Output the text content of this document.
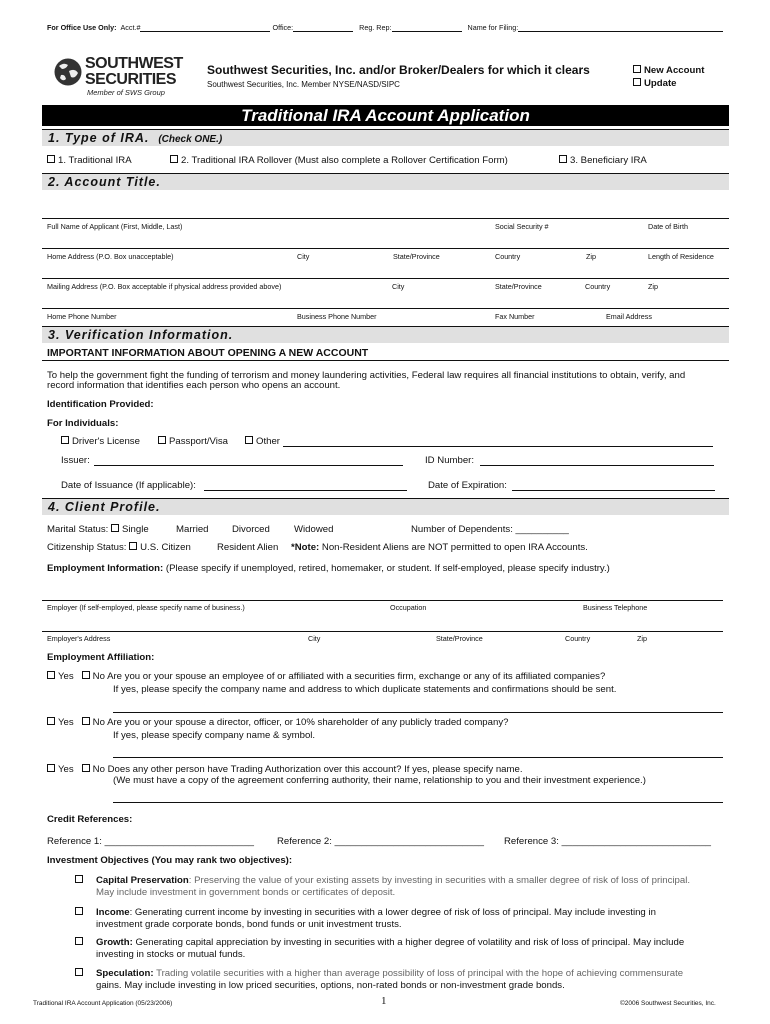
For Office Use Only: Acct.#	Office:	Reg. Rep:	Name for Filing:
SOUTHWEST
SECURITIES
Member of SWS Group
Southwest Securities, Inc. and/or Broker/Dealers for which it clears
Southwest Securities, Inc. Member NYSE/NASD/SIPC
New Account
Update
Traditional IRA Account Application
1. Type of IRA. (Check ONE.)
1. Traditional IRA	2. Traditional IRA Rollover (Must also complete a Rollover Certification Form)	3. Beneficiary IRA
2. Account Title.
Full Name of Applicant (First, Middle, Last)	Social Security #	Date of Birth
Home Address (P.O. Box unacceptable)	City	State/Province	Country	Zip	Length of Residence
Mailing Address (P.O. Box acceptable if physical address provided above)	City	State/Province	Country	Zip
Home Phone Number	Business Phone Number	Fax Number	Email Address
3. Verification Information.
IMPORTANT INFORMATION ABOUT OPENING A NEW ACCOUNT
To help the government fight the funding of terrorism and money laundering activities, Federal law requires all financial institutions to obtain, verify, and
record information that identifies each person who opens an account.
Identification Provided:
For Individuals:
Driver's License	Passport/Visa	Other
Issuer:	ID Number:
Date of Issuance (If applicable):	Date of Expiration:
4. Client Profile.
Marital Status: Single	Married Divorced	Widowed	Number of Dependents: __________
Citizenship Status: U.S. Citizen	Resident Alien *Note: Non-Resident Aliens are NOT permitted to open IRA Accounts.
Employment Information: (Please specify if unemployed, retired, homemaker, or student. If self-employed, please specify industry.)
Employer (If self-employed, please specify name of business.)	Occupation	Business Telephone
Employer's Address	City	State/Province	Country	Zip
Employment Affiliation:
Yes No Are you or your spouse an employee of or affiliated with a securities firm, exchange or any of its affiliated companies?
If yes, please specify the company name and address to which duplicate statements and confirmations should be sent.
Yes No Are you or your spouse a director, officer, or 10% shareholder of any publicly traded company?
If yes, please specify company name & symbol.
Yes No Does any other person have Trading Authorization over this account? If yes, please specify name.
(We must have a copy of the agreement conferring authority, their name, relationship to you and their investment experience.)
Credit References:
Reference 1: ____________________________ Reference 2: ____________________________ Reference 3: ____________________________
Investment Objectives (You may rank two objectives):
Capital Preservation: Preserving the value of your existing assets by investing in securities with a smaller degree of risk of loss of principal.
May include investment in government bonds or certificates of deposit.
Income: Generating current income by investing in securities with a lower degree of risk of loss of principal. May include investing in
investment grade corporate bonds, bond funds or unit investment trusts.
Growth: Generating capital appreciation by investing in securities with a higher degree of volatility and risk of loss of principal. May include
investing in stocks or mutual funds.
Speculation: Trading volatile securities with a higher than average possibility of loss of principal with the hope of achieving commensurate
gains. May include investing in low priced securities, options, non-rated bonds or non-investment grade bonds.
Traditional IRA Account Application (05/23/2006)	1	©2006 Southwest Securities, Inc.
